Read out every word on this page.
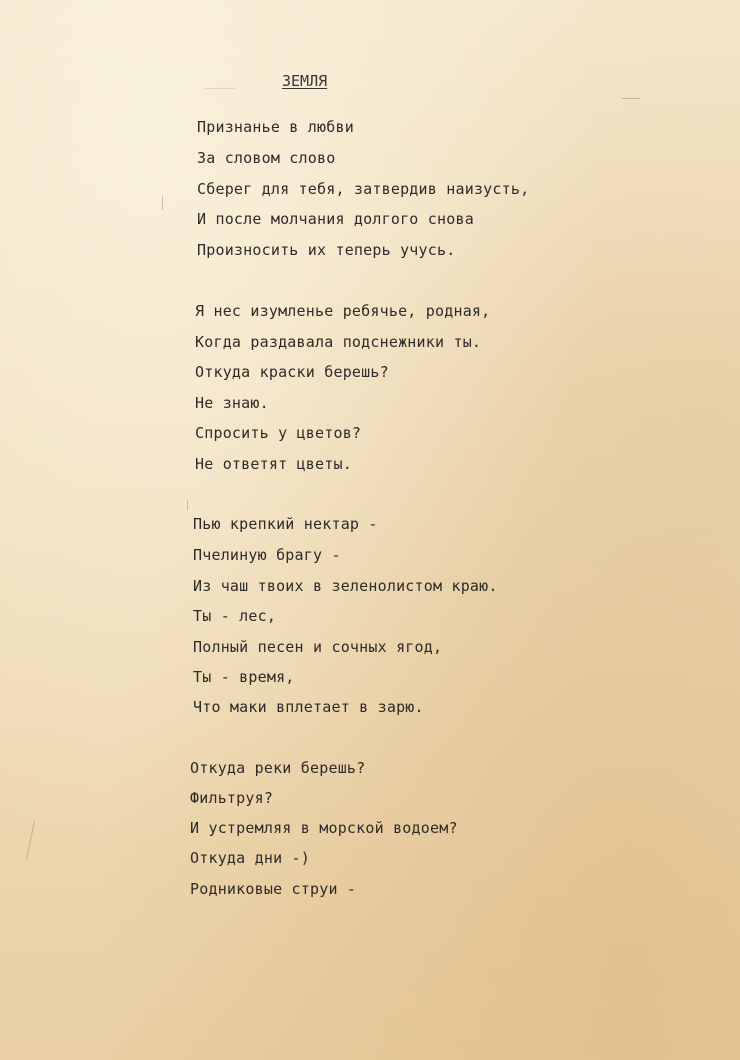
ЗЕМЛЯ
Признанье в любви
За словом слово
Сберег для тебя, затвердив наизусть,
И после молчания долгого снова
Произносить их теперь учусь.
Я нес изумленье ребячье, родная,
Когда раздавала подснежники ты.
Откуда краски берешь?
Не знаю.
Спросить у цветов?
Не ответят цветы.
Пью крепкий нектар -
Пчелиную брагу -
Из чаш твоих в зеленолистом краю.
Ты - лес,
Полный песен и сочных ягод,
Ты - время,
Что маки вплетает в зарю.
Откуда реки берешь?
Фильтруя?
И устремляя в морской водоем?
Откуда дни -)
Родниковые струи -
